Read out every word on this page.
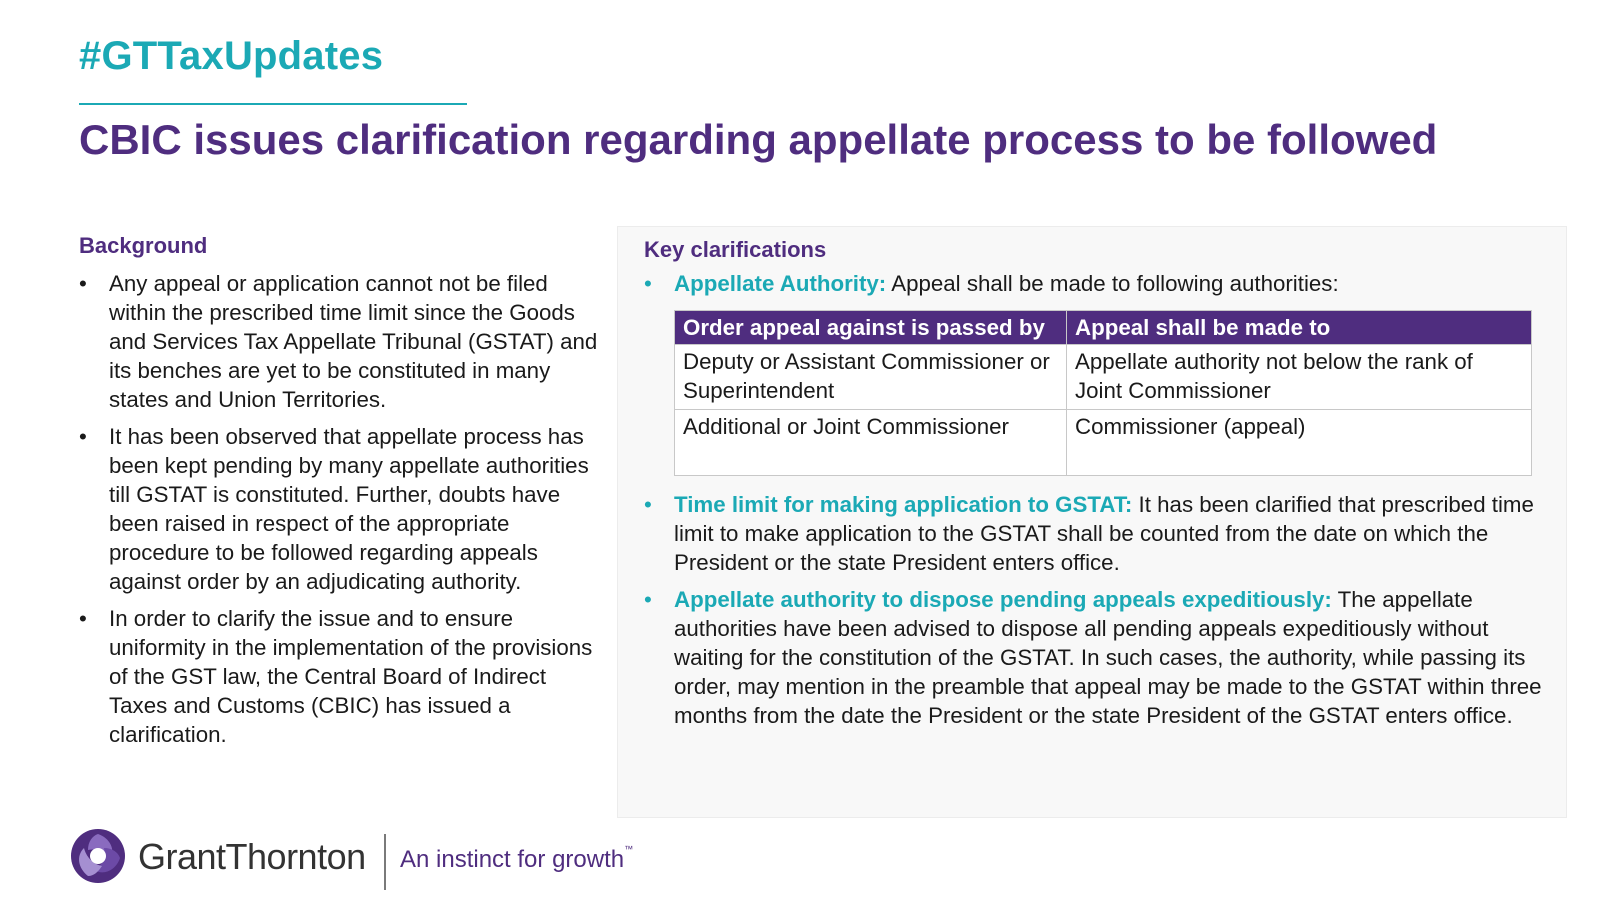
#GTTaxUpdates
CBIC issues clarification regarding appellate process to be followed
Background
• Any appeal or application cannot not be filed within the prescribed time limit since the Goods and Services Tax Appellate Tribunal (GSTAT) and its benches are yet to be constituted in many states and Union Territories.
• It has been observed that appellate process has been kept pending by many appellate authorities till GSTAT is constituted. Further, doubts have been raised in respect of the appropriate procedure to be followed regarding appeals against order by an adjudicating authority.
• In order to clarify the issue and to ensure uniformity in the implementation of the provisions of the GST law, the Central Board of Indirect Taxes and Customs (CBIC) has issued a clarification.
Key clarifications
• Appellate Authority: Appeal shall be made to following authorities:
Order appeal against is passed by	Appeal shall be made to
Deputy or Assistant Commissioner or Superintendent	Appellate authority not below the rank of Joint Commissioner
Additional or Joint Commissioner	Commissioner (appeal)
• Time limit for making application to GSTAT: It has been clarified that prescribed time limit to make application to the GSTAT shall be counted from the date on which the President or the state President enters office.
• Appellate authority to dispose pending appeals expeditiously: The appellate authorities have been advised to dispose all pending appeals expeditiously without waiting for the constitution of the GSTAT. In such cases, the authority, while passing its order, may mention in the preamble that appeal may be made to the GSTAT within three months from the date the President or the state President of the GSTAT enters office.
GrantThornton An instinct for growth™
